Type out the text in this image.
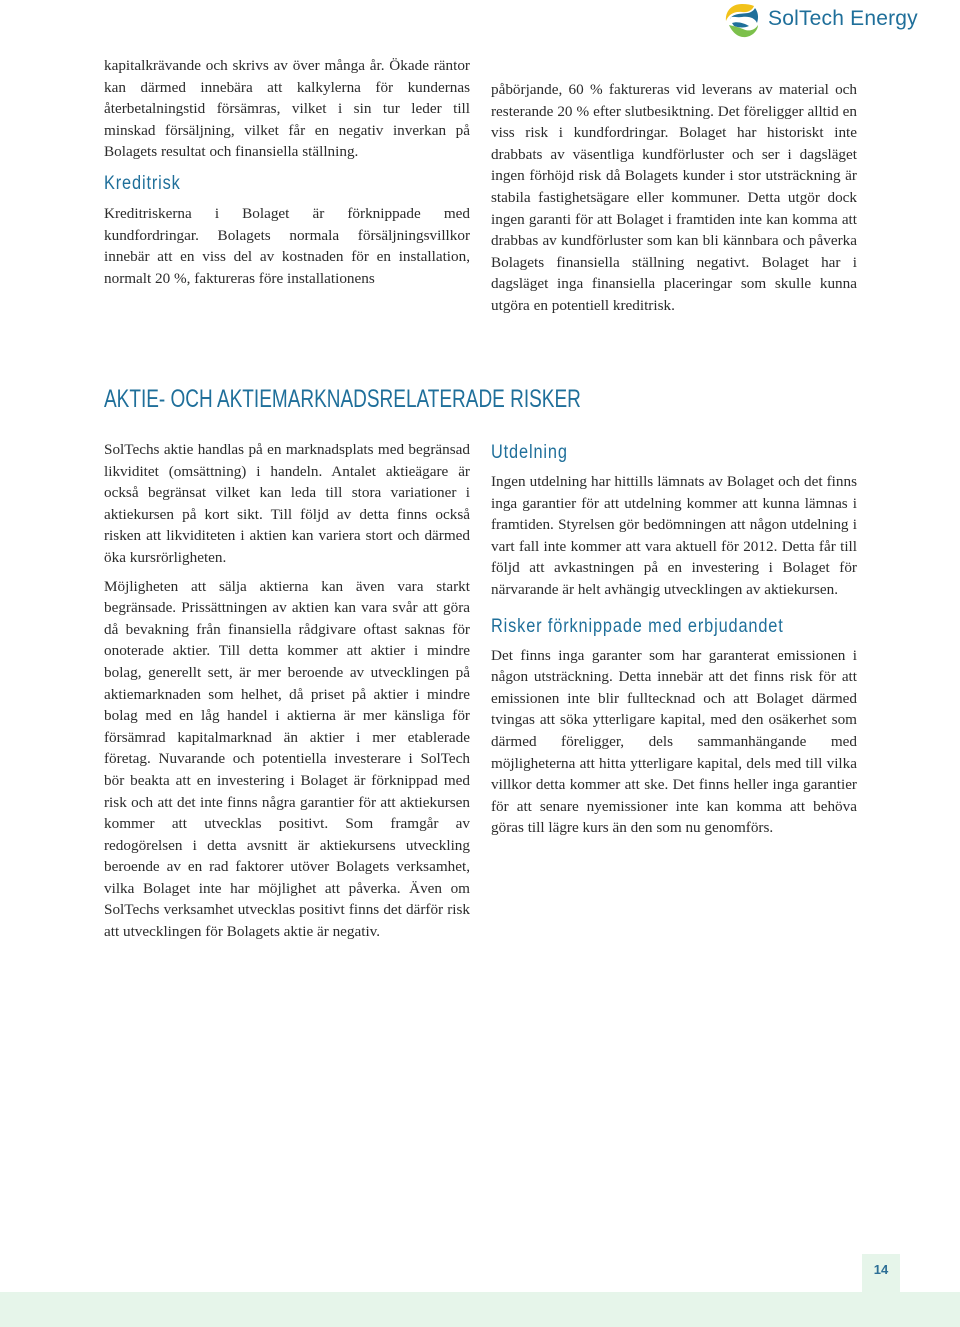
SolTech Energy

kapitalkrävande och skrivs av över många år. Ökade räntor kan därmed innebära att kalkylerna för kundernas återbetalningstid försämras, vilket i sin tur leder till minskad försäljning, vilket får en negativ inverkan på Bolagets resultat och finansiella ställning.

Kreditrisk

Kreditriskerna i Bolaget är förknippade med kundfordringar. Bolagets normala försäljningsvillkor innebär att en viss del av kostnaden för en installation, normalt 20 %, faktureras före installationens

påbörjande, 60 % faktureras vid leverans av material och resterande 20 % efter slutbesiktning. Det föreligger alltid en viss risk i kundfordringar. Bolaget har historiskt inte drabbats av väsentliga kundförluster och ser i dagsläget ingen förhöjd risk då Bolagets kunder i stor utsträckning är stabila fastighetsägare eller kommuner. Detta utgör dock ingen garanti för att Bolaget i framtiden inte kan komma att drabbas av kundförluster som kan bli kännbara och påverka Bolagets finansiella ställning negativt. Bolaget har i dagsläget inga finansiella placeringar som skulle kunna utgöra en potentiell kreditrisk.

AKTIE- OCH AKTIEMARKNADSRELATERADE RISKER

SolTechs aktie handlas på en marknadsplats med begränsad likviditet (omsättning) i handeln. Antalet aktieägare är också begränsat vilket kan leda till stora variationer i aktiekursen på kort sikt. Till följd av detta finns också risken att likviditeten i aktien kan variera stort och därmed öka kursrörligheten.

Möjligheten att sälja aktierna kan även vara starkt begränsade. Prissättningen av aktien kan vara svår att göra då bevakning från finansiella rådgivare oftast saknas för onoterade aktier. Till detta kommer att aktier i mindre bolag, generellt sett, är mer beroende av utvecklingen på aktiemarknaden som helhet, då priset på aktier i mindre bolag med en låg handel i aktierna är mer känsliga för försämrad kapitalmarknad än aktier i mer etablerade företag. Nuvarande och potentiella investerare i SolTech bör beakta att en investering i Bolaget är förknippad med risk och att det inte finns några garantier för att aktiekursen kommer att utvecklas positivt. Som framgår av redogörelsen i detta avsnitt är aktiekursens utveckling beroende av en rad faktorer utöver Bolagets verksamhet, vilka Bolaget inte har möjlighet att påverka. Även om SolTechs verksamhet utvecklas positivt finns det därför risk att utvecklingen för Bolagets aktie är negativ.

Utdelning

Ingen utdelning har hittills lämnats av Bolaget och det finns inga garantier för att utdelning kommer att kunna lämnas i framtiden. Styrelsen gör bedömningen att någon utdelning i vart fall inte kommer att vara aktuell för 2012. Detta får till följd att avkastningen på en investering i Bolaget för närvarande är helt avhängig utvecklingen av aktiekursen.

Risker förknippade med erbjudandet

Det finns inga garanter som har garanterat emissionen i någon utsträckning. Detta innebär att det finns risk för att emissionen inte blir fulltecknad och att Bolaget därmed tvingas att söka ytterligare kapital, med den osäkerhet som därmed föreligger, dels sammanhängande med möjligheterna att hitta ytterligare kapital, dels med till vilka villkor detta kommer att ske. Det finns heller inga garantier för att senare nyemissioner inte kan komma att behöva göras till lägre kurs än den som nu genomförs.

14
